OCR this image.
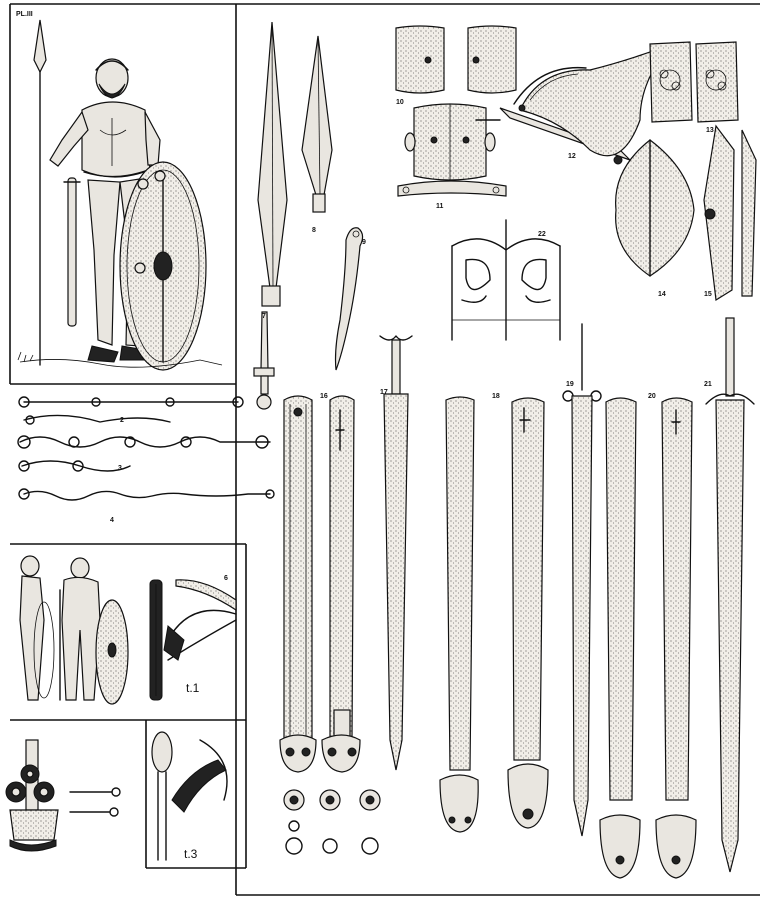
PL.III
2
3
4
6
7
8
9
10
11
12
13
14	15
16
17
18
19
20
21
22
t.1
t.3
